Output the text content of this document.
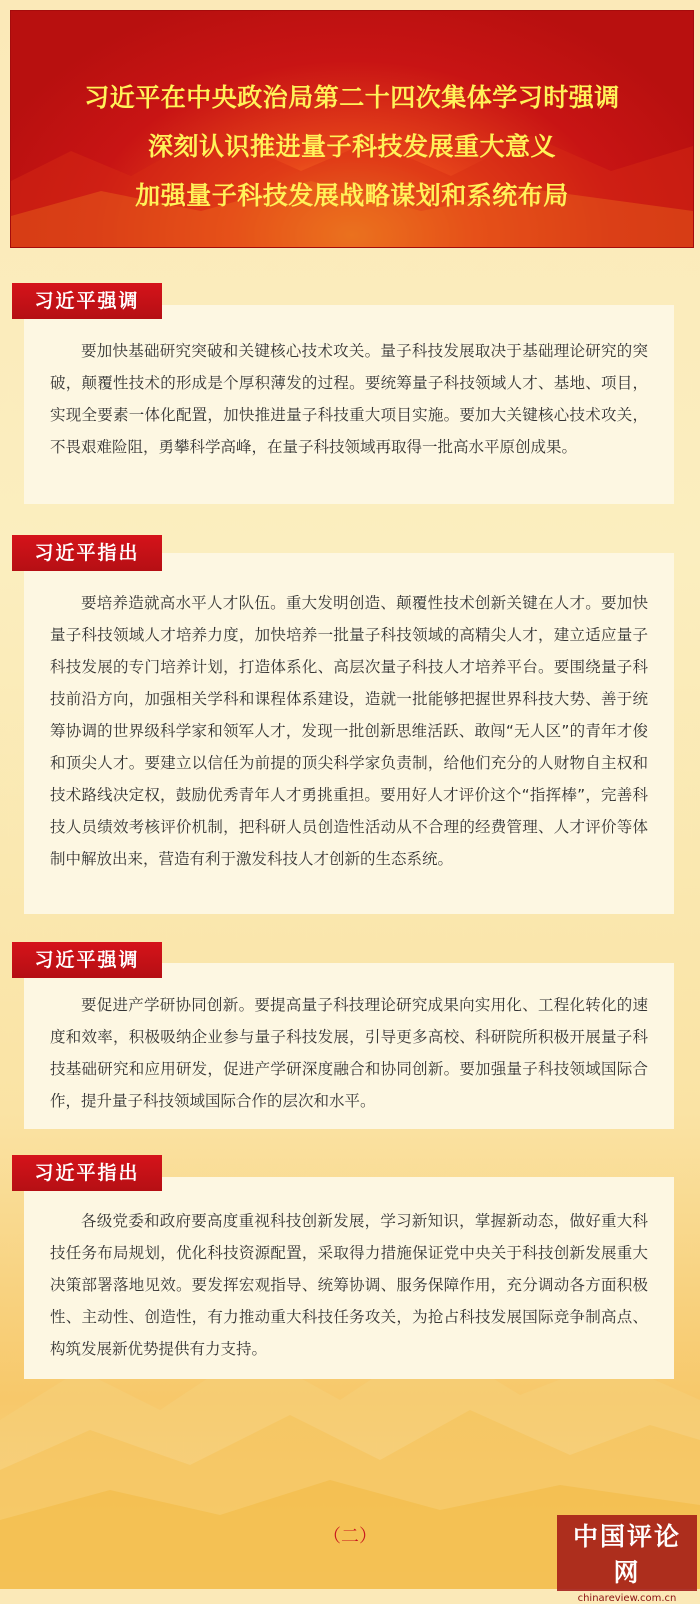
习近平在中央政治局第二十四次集体学习时强调
深刻认识推进量子科技发展重大意义
加强量子科技发展战略谋划和系统布局

要加快基础研究突破和关键核心技术攻关。量子科技发展取决于基础理论研究的突破，颠覆性技术的形成是个厚积薄发的过程。要统筹量子科技领域人才、基地、项目，实现全要素一体化配置，加快推进量子科技重大项目实施。要加大关键核心技术攻关，不畏艰难险阻，勇攀科学高峰，在量子科技领域再取得一批高水平原创成果。

习近平强调

要培养造就高水平人才队伍。重大发明创造、颠覆性技术创新关键在人才。要加快量子科技领域人才培养力度，加快培养一批量子科技领域的高精尖人才，建立适应量子科技发展的专门培养计划，打造体系化、高层次量子科技人才培养平台。要围绕量子科技前沿方向，加强相关学科和课程体系建设，造就一批能够把握世界科技大势、善于统筹协调的世界级科学家和领军人才，发现一批创新思维活跃、敢闯“无人区”的青年才俊和顶尖人才。要建立以信任为前提的顶尖科学家负责制，给他们充分的人财物自主权和技术路线决定权，鼓励优秀青年人才勇挑重担。要用好人才评价这个“指挥棒”，完善科技人员绩效考核评价机制，把科研人员创造性活动从不合理的经费管理、人才评价等体制中解放出来，营造有利于激发科技人才创新的生态系统。

习近平指出

要促进产学研协同创新。要提高量子科技理论研究成果向实用化、工程化转化的速度和效率，积极吸纳企业参与量子科技发展，引导更多高校、科研院所积极开展量子科技基础研究和应用研发，促进产学研深度融合和协同创新。要加强量子科技领域国际合作，提升量子科技领域国际合作的层次和水平。

习近平强调

各级党委和政府要高度重视科技创新发展，学习新知识，掌握新动态，做好重大科技任务布局规划，优化科技资源配置，采取得力措施保证党中央关于科技创新发展重大决策部署落地见效。要发挥宏观指导、统筹协调、服务保障作用，充分调动各方面积极性、主动性、创造性，有力推动重大科技任务攻关，为抢占科技发展国际竞争制高点、构筑发展新优势提供有力支持。

习近平指出
（二）	中国评论网
chinareview.com.cn
